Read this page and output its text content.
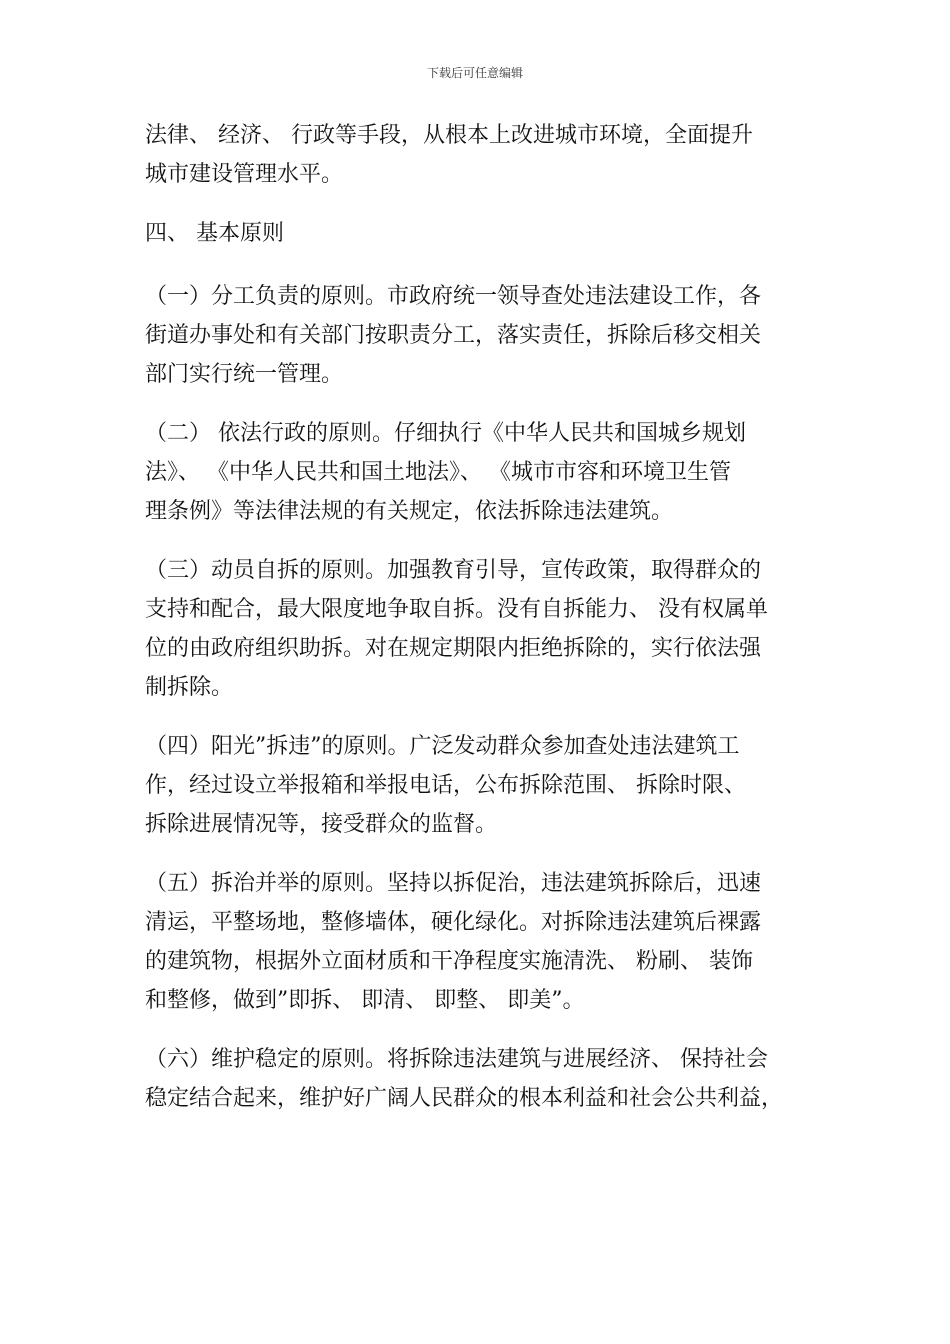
下载后可任意编辑

法律、 经济、 行政等手段，从根本上改进城市环境，全面提升
城市建设管理水平。

四、 基本原则

（一）分工负责的原则。市政府统一领导查处违法建设工作，各
街道办事处和有关部门按职责分工，落实责任，拆除后移交相关
部门实行统一管理。

（二） 依法行政的原则。仔细执行《中华人民共和国城乡规划
法》、 《中华人民共和国土地法》、 《城市市容和环境卫生管
理条例》等法律法规的有关规定，依法拆除违法建筑。

（三）动员自拆的原则。加强教育引导，宣传政策，取得群众的
支持和配合，最大限度地争取自拆。没有自拆能力、 没有权属单
位的由政府组织助拆。对在规定期限内拒绝拆除的，实行依法强
制拆除。

（四）阳光”拆违”的原则。广泛发动群众参加查处违法建筑工
作，经过设立举报箱和举报电话，公布拆除范围、 拆除时限、
拆除进展情况等，接受群众的监督。

（五）拆治并举的原则。坚持以拆促治，违法建筑拆除后，迅速
清运，平整场地，整修墙体，硬化绿化。对拆除违法建筑后裸露
的建筑物，根据外立面材质和干净程度实施清洗、 粉刷、 装饰
和整修，做到”即拆、 即清、 即整、 即美”。

（六）维护稳定的原则。将拆除违法建筑与进展经济、 保持社会
稳定结合起来，维护好广阔人民群众的根本利益和社会公共利益，
